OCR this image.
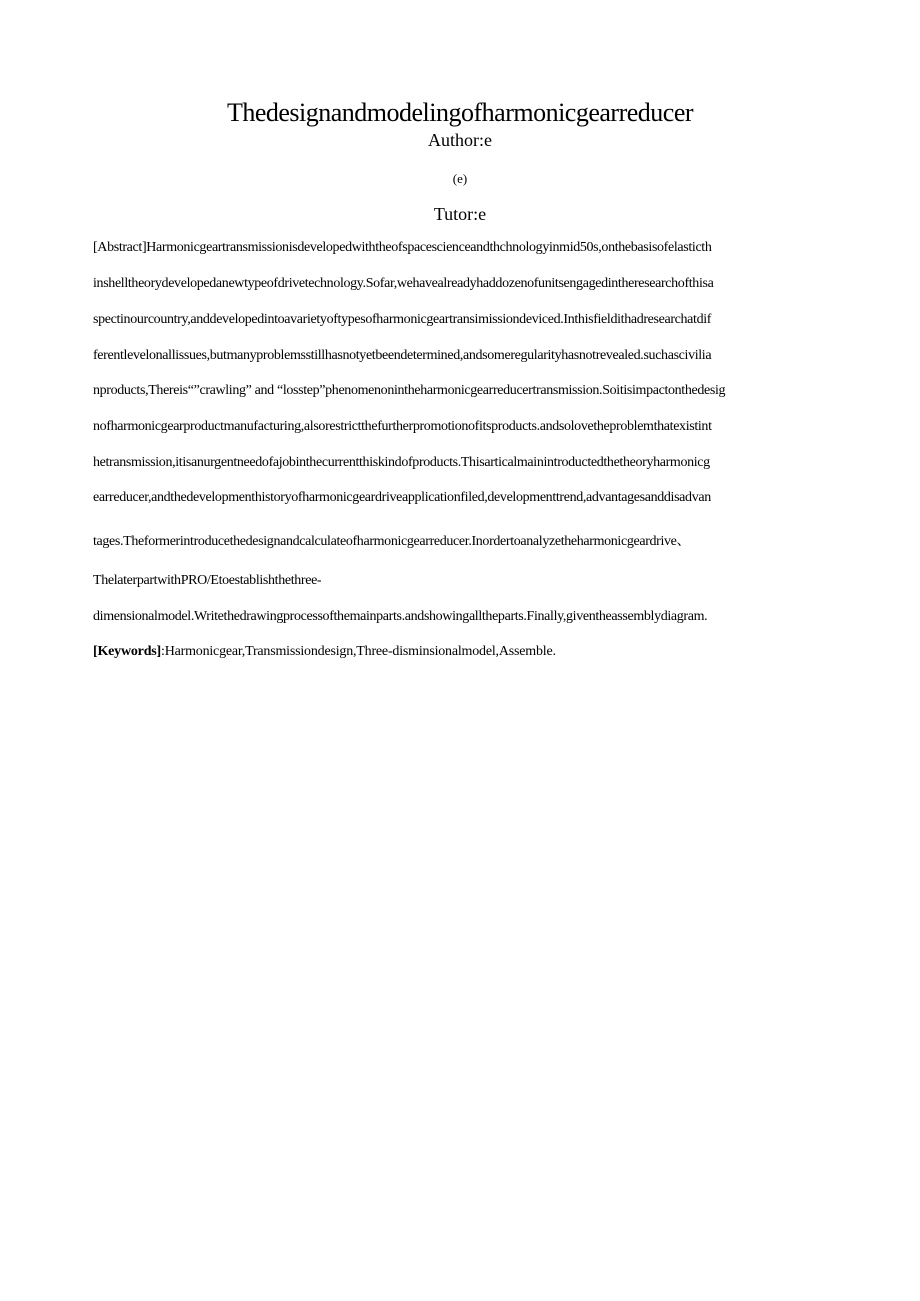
Thedesignandmodelingofharmonicgearreducer
Author:e
(e)
Tutor:e
[Abstract]Harmonicgeartransmissionisdevelopedwiththeofspacescienceandthchnologyinmid50s,onthebasisofelasticth
inshelltheorydevelopedanewtypeofdrivetechnology.Sofar,wehavealreadyhaddozenofunitsengagedintheresearchofthisa
spectinourcountry,anddevelopedintoavarietyoftypesofharmonicgeartransimissiondeviced.Inthisfieldithadresearchatdif
ferentlevelonallissues,butmanyproblemsstillhasnotyetbeendetermined,andsomeregularityhasnotrevealed.suchascivilia
nproducts,Thereis“”crawling” and “losstep”phenomenonintheharmonicgearreducertransmission.Soitisimpactonthedesig
nofharmonicgearproductmanufacturing,alsorestrictthefurtherpromotionofitsproducts.andsolovetheproblemthatexistint
hetransmission,itisanurgentneedofajobinthecurrentthiskindofproducts.Thisarticalmainintroductedthetheoryharmonicg
earreducer,andthedevelopmenthistoryofharmonicgeardriveapplicationfiled,developmenttrend,advantagesanddisadvan
tages.Theformerintroducethedesignandcalculateofharmonicgearreducer.Inordertoanalyzetheharmonicgeardrive、
ThelaterpartwithPRO/Etoestablishthethree-
dimensionalmodel.Writethedrawingprocessofthemainparts.andshowingalltheparts.Finally,giventheassemblydiagram.
[Keywords]:Harmonicgear,Transmissiondesign,Three-disminsionalmodel,Assemble.
